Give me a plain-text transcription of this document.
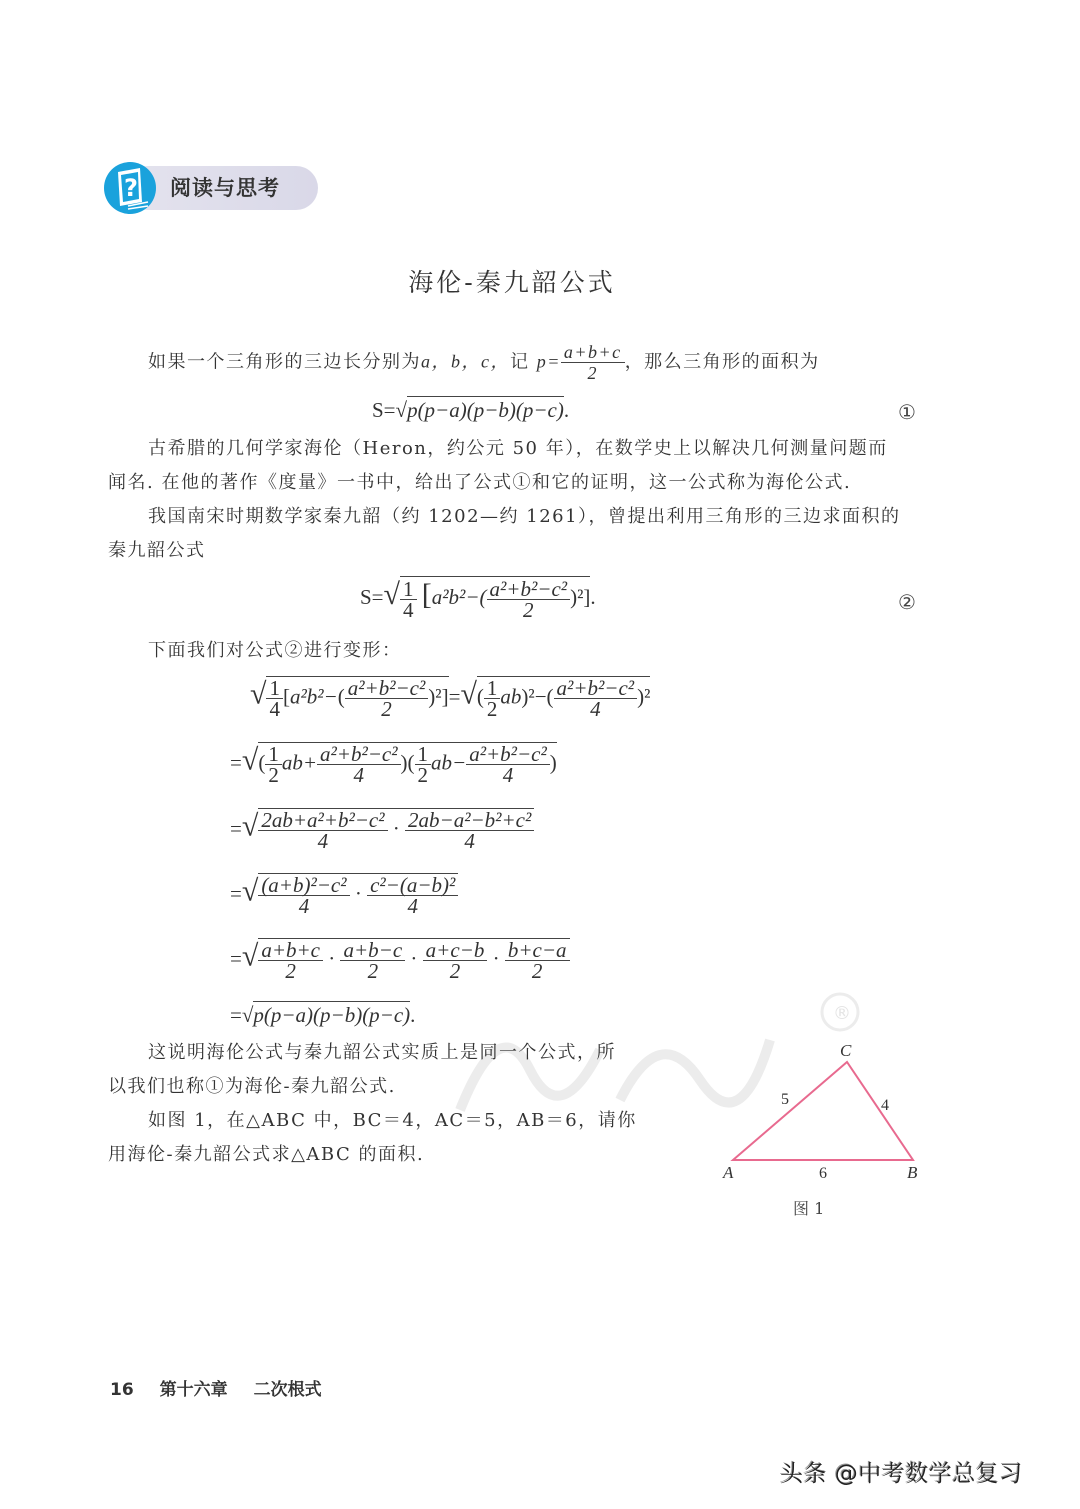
? 阅读与思考
海伦-秦九韶公式
如果一个三角形的三边长分别为a，b，c，记 $p= \frac{a+b+c}{2}$ ，那么三角形的面积为
S=√p(p−a)(p−b)(p−c).	①
古希腊的几何学家海伦（Heron，约公元 50 年），在数学史上以解决几何测量问题而
闻名. 在他的著作《度量》一书中，给出了公式①和它的证明，这一公式称为海伦公式.
我国南宋时期数学家秦九韶（约 1202—约 1261），曾提出利用三角形的三边求面积的
秦九韶公式
$S=√ \frac{1}{4} [a^2b^2-( \frac{\text{a²+b²−c²}}{2} )^2]$.	②
下面我们对公式②进行变形：
√ $\frac{1}{4} [a^2b^2-( \frac{\text{a²+b²−c²}}{2} )^2]=√( \frac{1}{2} ab)^2-( \frac{\text{a²+b²−c²}}{4} )^2$
=√( $\frac{1}{2} ab+ \frac{\text{a²+b²−c²}}{4}$ )( $\frac{1}{2} ab- \frac{\text{a²+b²−c²}}{4}$ )
=√ $\frac{\text{2ab+a²+b²−c²}}{4} \cdot \frac{\text{2ab−a²−b²+c²}}{4}$
=√ $\frac{\text{(a+b)²−c²}}{4} \cdot \frac{\text{c²−(a−b)²}}{4}$
=√ $\frac{a+b+c}{2} \cdot \frac{a+b-c}{2} \cdot \frac{a+c-b}{2} \cdot \frac{b+c-a}{2}$
=√p(p−a)(p−b)(p−c).	®
这说明海伦公式与秦九韶公式实质上是同一个公式，所
以我们也称①为海伦-秦九韶公式.
如图 1，在△ABC 中，BC＝4，AC＝5，AB＝6，请你
用海伦-秦九韶公式求△ABC 的面积.
C
A	B
5	4
6
图 1
16 第十六章 二次根式
头条 @中考数学总复习
